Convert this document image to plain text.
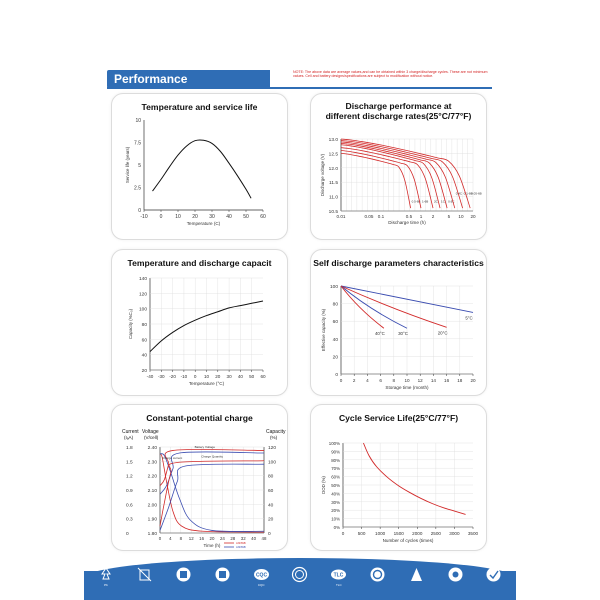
Performance	NOTE: The above data are average values,and can be obtained within 3 charge/discharge cycles. These are not minimum values. Cell and battery designs/specifications are subject to modification without notice.
Temperature and service life
-10 0	10 20 30 40 50 60
0
2.5
5
7.5
10
Temperature (C)
Service life (years)
Discharge performance at
different discharge rates(25°C/77°F)
10.5
11.0
11.5
12.0
12.5
13.0
0.01	0.05 0.1	0.5 1 2	5 10 20
0.5-6B 1-6B 2C 1C 0.6C
0.4C 0.1-6B
0.05-6B
Discharge time (h)
Discharge voltage (V)
Temperature and discharge capacit
20
40
60
80
100
120
140
-40 -30 -20 -10 0 10 20 30 40 50 60
Temperature (°C)
Capacity (%C₀)
Self discharge parameters characteristics
0
20
40
60
80
100
0 2 4 6 8 10 12 14 16 18 20
5°C
20°C
30°C
40°C
Storage time (month)
Effective capacity (%)
Constant-potential charge
0
0.3
0.6
0.9
1.2
1.5
1.8
1.80
1.90
2.00
2.10
2.20
2.30
2.40
0
20
40
60
80
100
120
0 4 8 12 16 20 24 28 32 40 48
Current Voltage
(IₐA) (V/cell)
Capacity
(%)
Battery Voltage
Charge current	Charge Quantity
Time (h)	ANNWB
ANNWB
Cycle Service Life(25°C/77°F)
0%
10%
20%
30%
40%
50%
60%
70%
80%
90%
100%
0	500 1000 1500 2000 2500 3000 3500
Number of cycles (times)
DOD (%)
Pb
CQC
CQC
TLC
TLC
